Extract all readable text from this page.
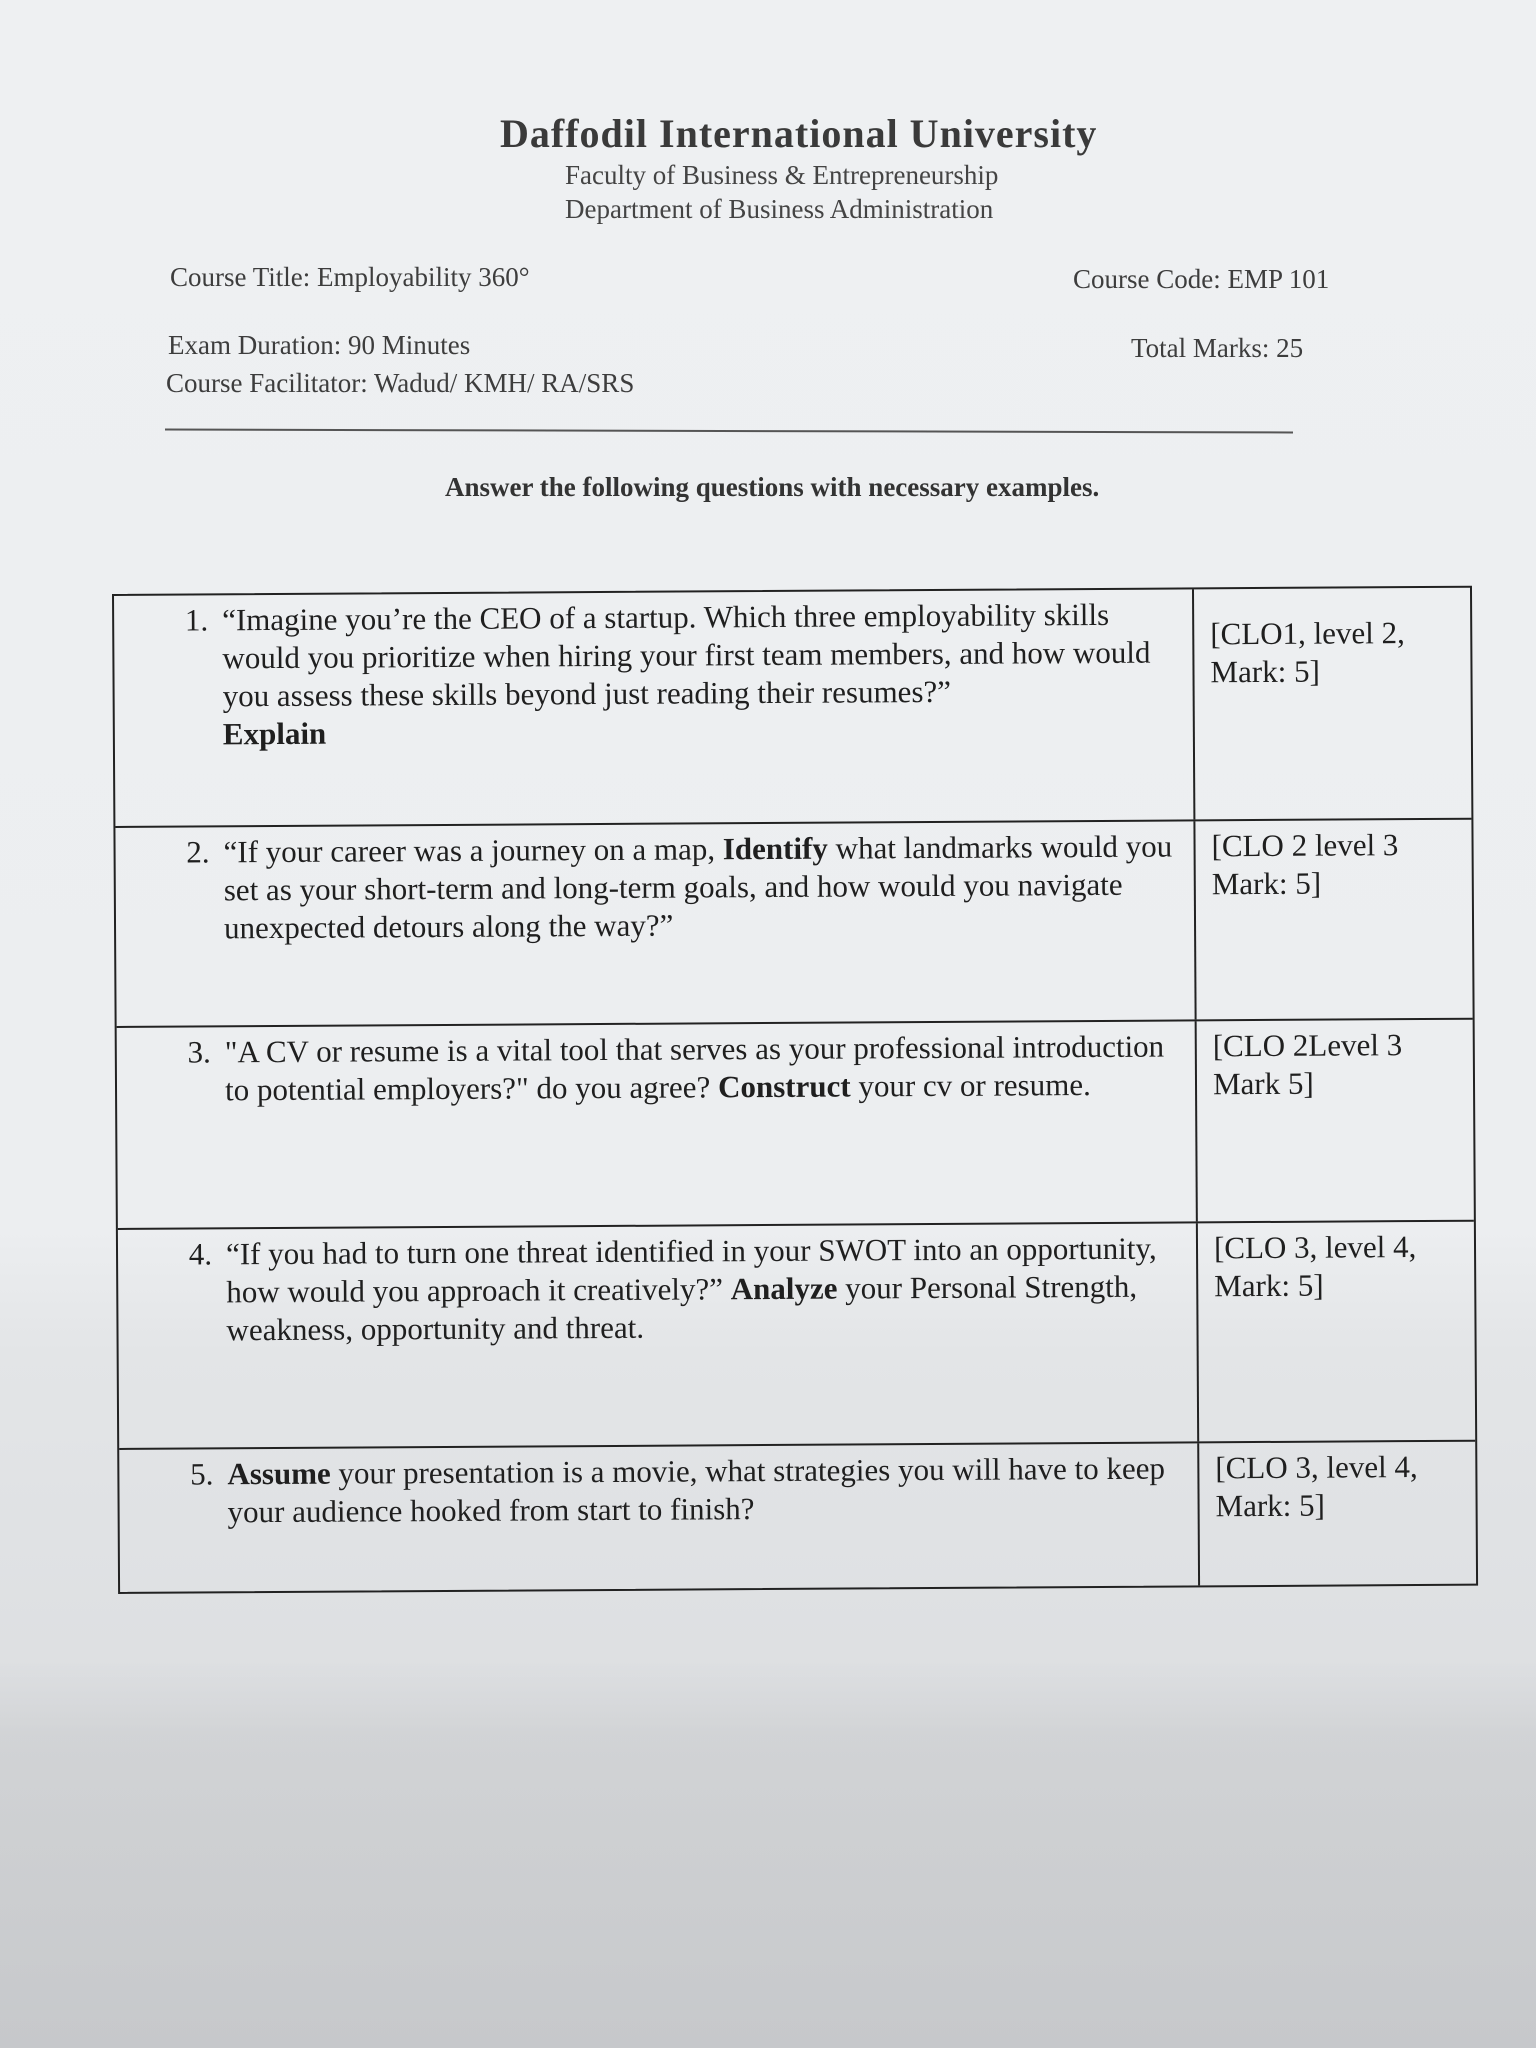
Daffodil International University
Faculty of Business & Entrepreneurship
Department of Business Administration
Course Title: Employability 360°	Course Code: EMP 101
Exam Duration: 90 Minutes	Total Marks: 25
Course Facilitator: Wadud/ KMH/ RA/SRS
Answer the following questions with necessary examples.
1. “Imagine you’re the CEO of a startup. Which three employability skills would you prioritize when hiring your first team members, and how would you assess these skills beyond just reading their resumes?”
Explain
[CLO1, level 2, Mark: 5]
2. “If your career was a journey on a map, Identify what landmarks would you set as your short-term and long-term goals, and how would you navigate unexpected detours along the way?”
[CLO 2 level 3 Mark: 5]
3. "A CV or resume is a vital tool that serves as your professional introduction to potential employers?" do you agree? Construct your cv or resume.
[CLO 2Level 3 Mark 5]
4. “If you had to turn one threat identified in your SWOT into an opportunity, how would you approach it creatively?” Analyze your Personal Strength, weakness, opportunity and threat.
[CLO 3, level 4, Mark: 5]
5. Assume your presentation is a movie, what strategies you will have to keep your audience hooked from start to finish?
[CLO 3, level 4, Mark: 5]
